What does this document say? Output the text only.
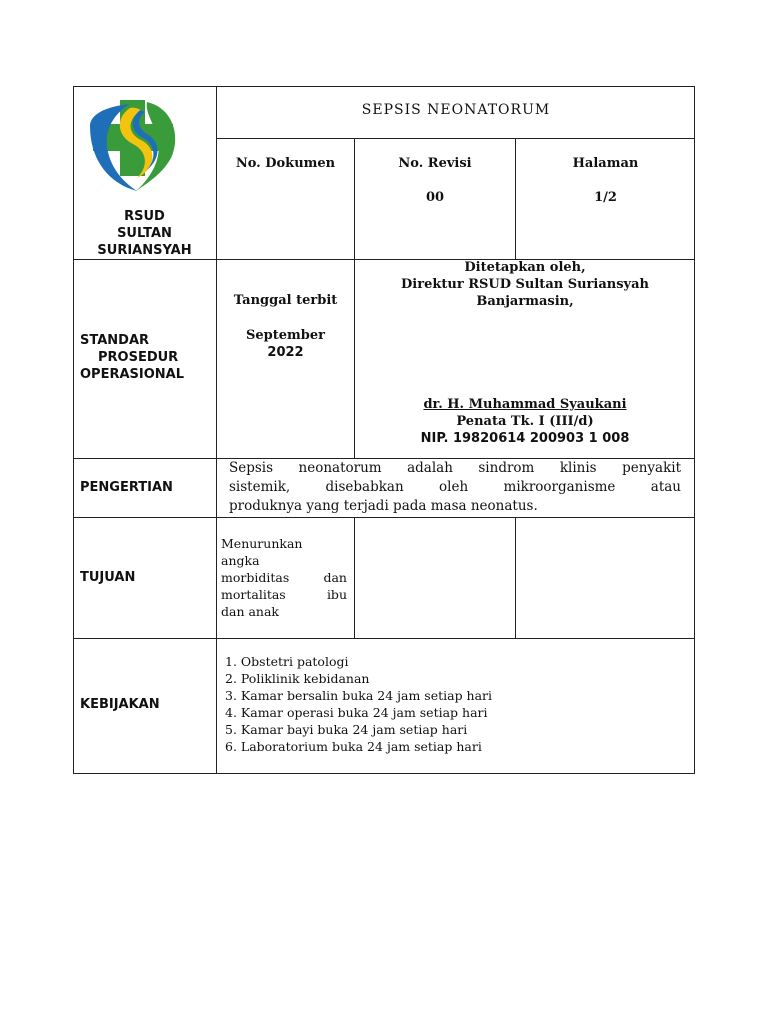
RSUD
SULTAN
SURIANSYAH
SEPSIS NEONATORUM
No. Dokumen	No. Revisi
00
Halaman
1/2
STANDAR
PROSEDUR
OPERASIONAL
Tanggal terbit
September
2022
Ditetapkan oleh,
Direktur RSUD Sultan Suriansyah
Banjarmasin,
dr. H. Muhammad Syaukani
Penata Tk. I (III/d)
NIP. 19820614 200903 1 008
PENGERTIAN
Sepsis neonatorum adalah sindrom klinis penyakit
sistemik, disebabkan oleh mikroorganisme atau
produknya yang terjadi pada masa neonatus.
TUJUAN
Menurunkan
angka
morbiditas dan
mortalitas ibu
dan anak
KEBIJAKAN
1. Obstetri patologi
2. Poliklinik kebidanan
3. Kamar bersalin buka 24 jam setiap hari
4. Kamar operasi buka 24 jam setiap hari
5. Kamar bayi buka 24 jam setiap hari
6. Laboratorium buka 24 jam setiap hari
